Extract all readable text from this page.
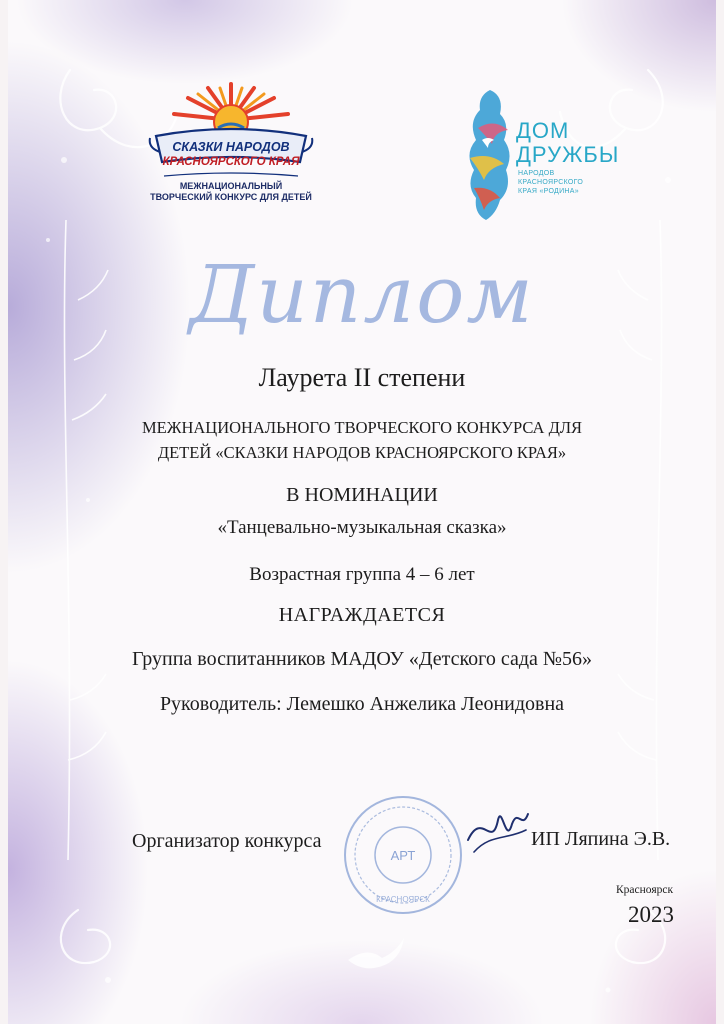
СКАЗКИ НАРОДОВ
КРАСНОЯРСКОГО КРАЯ
МЕЖНАЦИОНАЛЬНЫЙ
ТВОРЧЕСКИЙ КОНКУРС ДЛЯ ДЕТЕЙ
ДОМ
ДРУЖБЫ
НАРОДОВ
КРАСНОЯРСКОГО
КРАЯ «РОДИНА»
Диплом
Лаурета II степени
МЕЖНАЦИОНАЛЬНОГО ТВОРЧЕСКОГО КОНКУРСА ДЛЯ
ДЕТЕЙ «СКАЗКИ НАРОДОВ КРАСНОЯРСКОГО КРАЯ»
В НОМИНАЦИИ
«Танцевально-музыкальная сказка»
Возрастная группа 4 – 6 лет
НАГРАЖДАЕТСЯ
Группа воспитанников МАДОУ «Детского сада №56»
Руководитель: Лемешко Анжелика Леонидовна
АРТ
КРАСНОЯРСК
Организатор конкурса	ИП Ляпина Э.В.
Красноярск
2023
